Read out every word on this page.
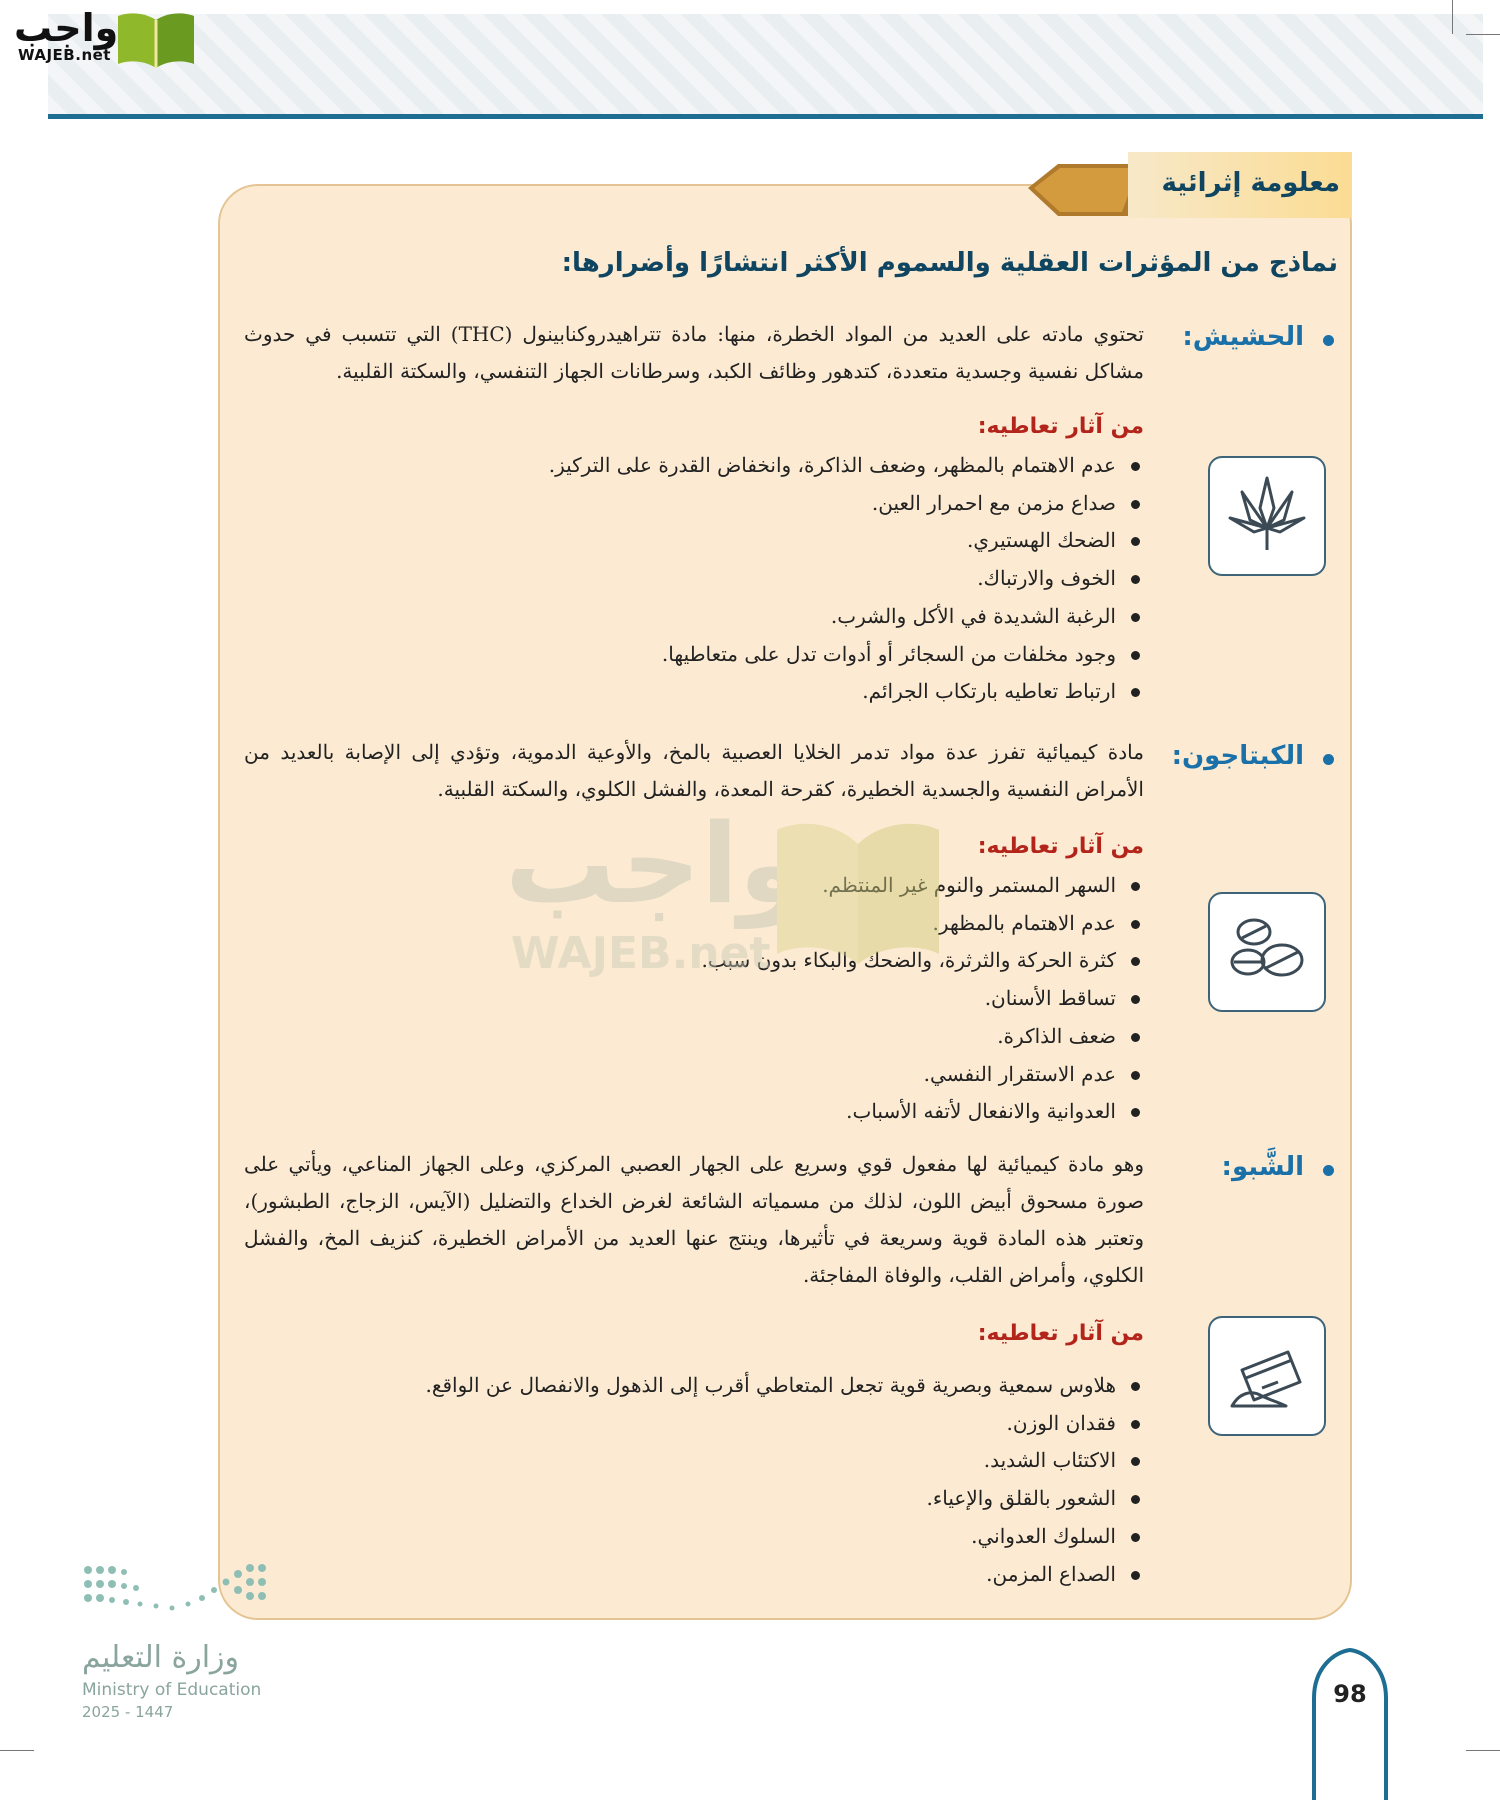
واجب
WAJEB.net
معلومة إثرائية
نماذج من المؤثرات العقلية والسموم الأكثر انتشارًا وأضرارها:
الحشيش:
تحتوي مادته على العديد من المواد الخطرة، منها: مادة تتراهيدروكنابينول (THC) التي تتسبب في حدوث مشاكل نفسية وجسدية متعددة، كتدهور وظائف الكبد، وسرطانات الجهاز التنفسي، والسكتة القلبية.
من آثار تعاطيه:
عدم الاهتمام بالمظهر، وضعف الذاكرة، وانخفاض القدرة على التركيز.
صداع مزمن مع احمرار العين.
الضحك الهستيري.
الخوف والارتباك.
الرغبة الشديدة في الأكل والشرب.
وجود مخلفات من السجائر أو أدوات تدل على متعاطيها.
ارتباط تعاطيه بارتكاب الجرائم.
الكبتاجون:
مادة كيميائية تفرز عدة مواد تدمر الخلايا العصبية بالمخ، والأوعية الدموية، وتؤدي إلى الإصابة بالعديد من الأمراض النفسية والجسدية الخطيرة، كقرحة المعدة، والفشل الكلوي، والسكتة القلبية.
من آثار تعاطيه:
السهر المستمر والنوم غير المنتظم.
عدم الاهتمام بالمظهر.
كثرة الحركة والثرثرة، والضحك والبكاء بدون سبب.
تساقط الأسنان.
ضعف الذاكرة.
عدم الاستقرار النفسي.
العدوانية والانفعال لأتفه الأسباب.
الشَّبو:
وهو مادة كيميائية لها مفعول قوي وسريع على الجهار العصبي المركزي، وعلى الجهاز المناعي، ويأتي على صورة مسحوق أبيض اللون، لذلك من مسمياته الشائعة لغرض الخداع والتضليل (الآيس، الزجاج، الطبشور)، وتعتبر هذه المادة قوية وسريعة في تأثيرها، وينتج عنها العديد من الأمراض الخطيرة، كنزيف المخ، والفشل الكلوي، وأمراض القلب، والوفاة المفاجئة.
من آثار تعاطيه:
هلاوس سمعية وبصرية قوية تجعل المتعاطي أقرب إلى الذهول والانفصال عن الواقع.
فقدان الوزن.
الاكتئاب الشديد.
الشعور بالقلق والإعياء.
السلوك العدواني.
الصداع المزمن.
واجب
WAJEB.net
وزارة التعليم
Ministry of Education
2025 - 1447
98
